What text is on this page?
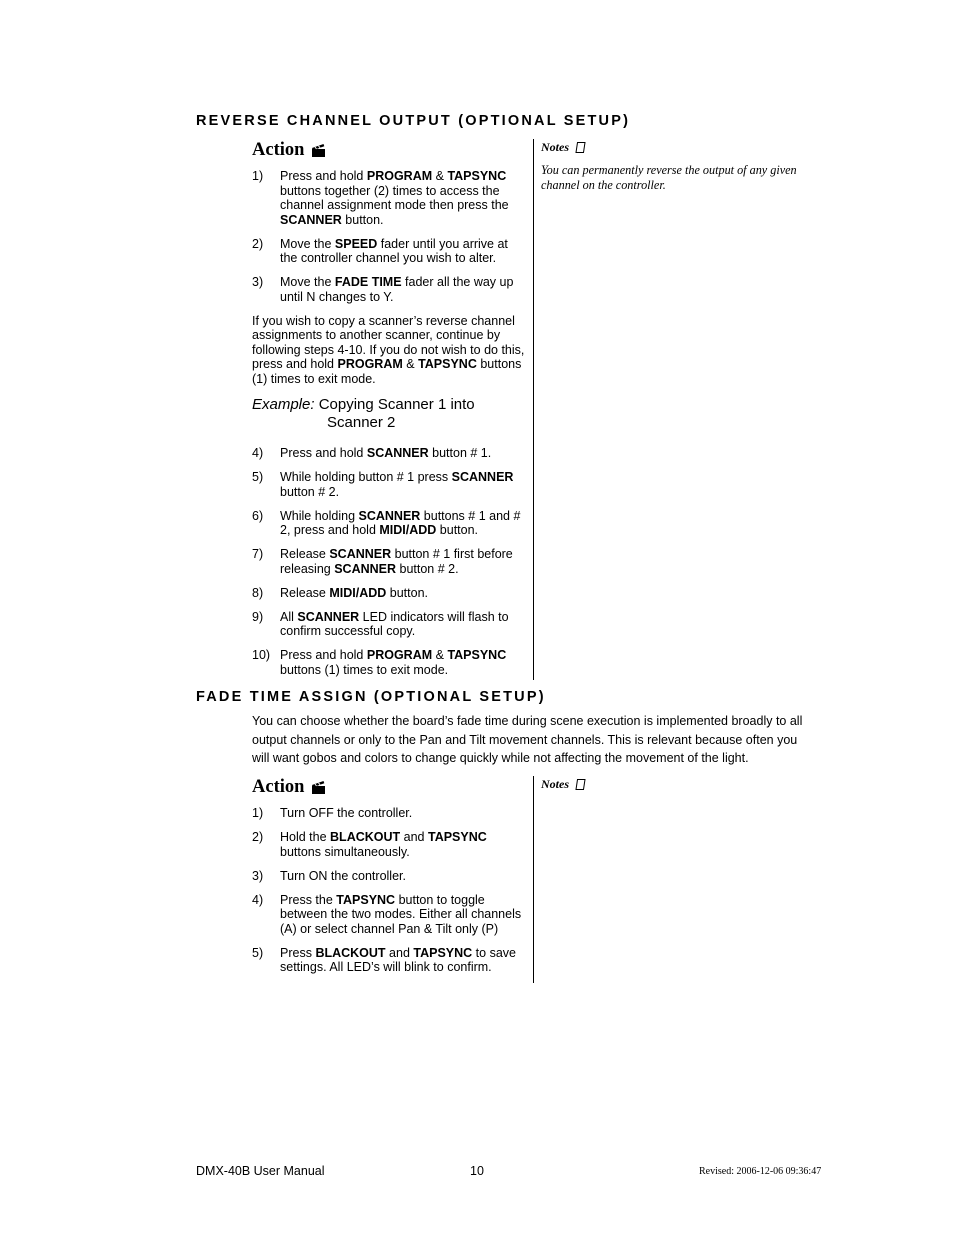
REVERSE CHANNEL OUTPUT (OPTIONAL SETUP)
Action
1)	Press and hold PROGRAM & TAPSYNC buttons together (2) times to access the channel assignment mode then press the SCANNER button.
2)	Move the SPEED fader until you arrive at the controller channel you wish to alter.
3)	Move the FADE TIME fader all the way up until N changes to Y.

If you wish to copy a scanner’s reverse channel assignments to another scanner, continue by following steps 4-10. If you do not wish to do this, press and hold PROGRAM & TAPSYNC buttons (1) times to exit mode.

Example: Copying Scanner 1 into
Scanner 2
4)	Press and hold SCANNER button # 1.
5)	While holding button # 1 press SCANNER button # 2.
6)	While holding SCANNER buttons # 1 and # 2, press and hold MIDI/ADD button.
7)	Release SCANNER button # 1 first before releasing SCANNER button # 2.
8)	Release MIDI/ADD button.
9)	All SCANNER LED indicators will flash to confirm successful copy.
10) Press and hold PROGRAM & TAPSYNC buttons (1) times to exit mode.
Notes
You can permanently reverse the output of any given channel on the controller.
FADE TIME ASSIGN (OPTIONAL SETUP)
You can choose whether the board’s fade time during scene execution is implemented broadly to all output channels or only to the Pan and Tilt movement channels. This is relevant because often you will want gobos and colors to change quickly while not affecting the movement of the light.
Action
1)	Turn OFF the controller.
2)	Hold the BLACKOUT and TAPSYNC buttons simultaneously.
3)	Turn ON the controller.
4)	Press the TAPSYNC button to toggle between the two modes. Either all channels (A) or select channel Pan & Tilt only (P)
5)	Press BLACKOUT and TAPSYNC to save settings. All LED’s will blink to confirm.
Notes
DMX-40B User Manual	10	Revised: 2006-12-06 09:36:47
